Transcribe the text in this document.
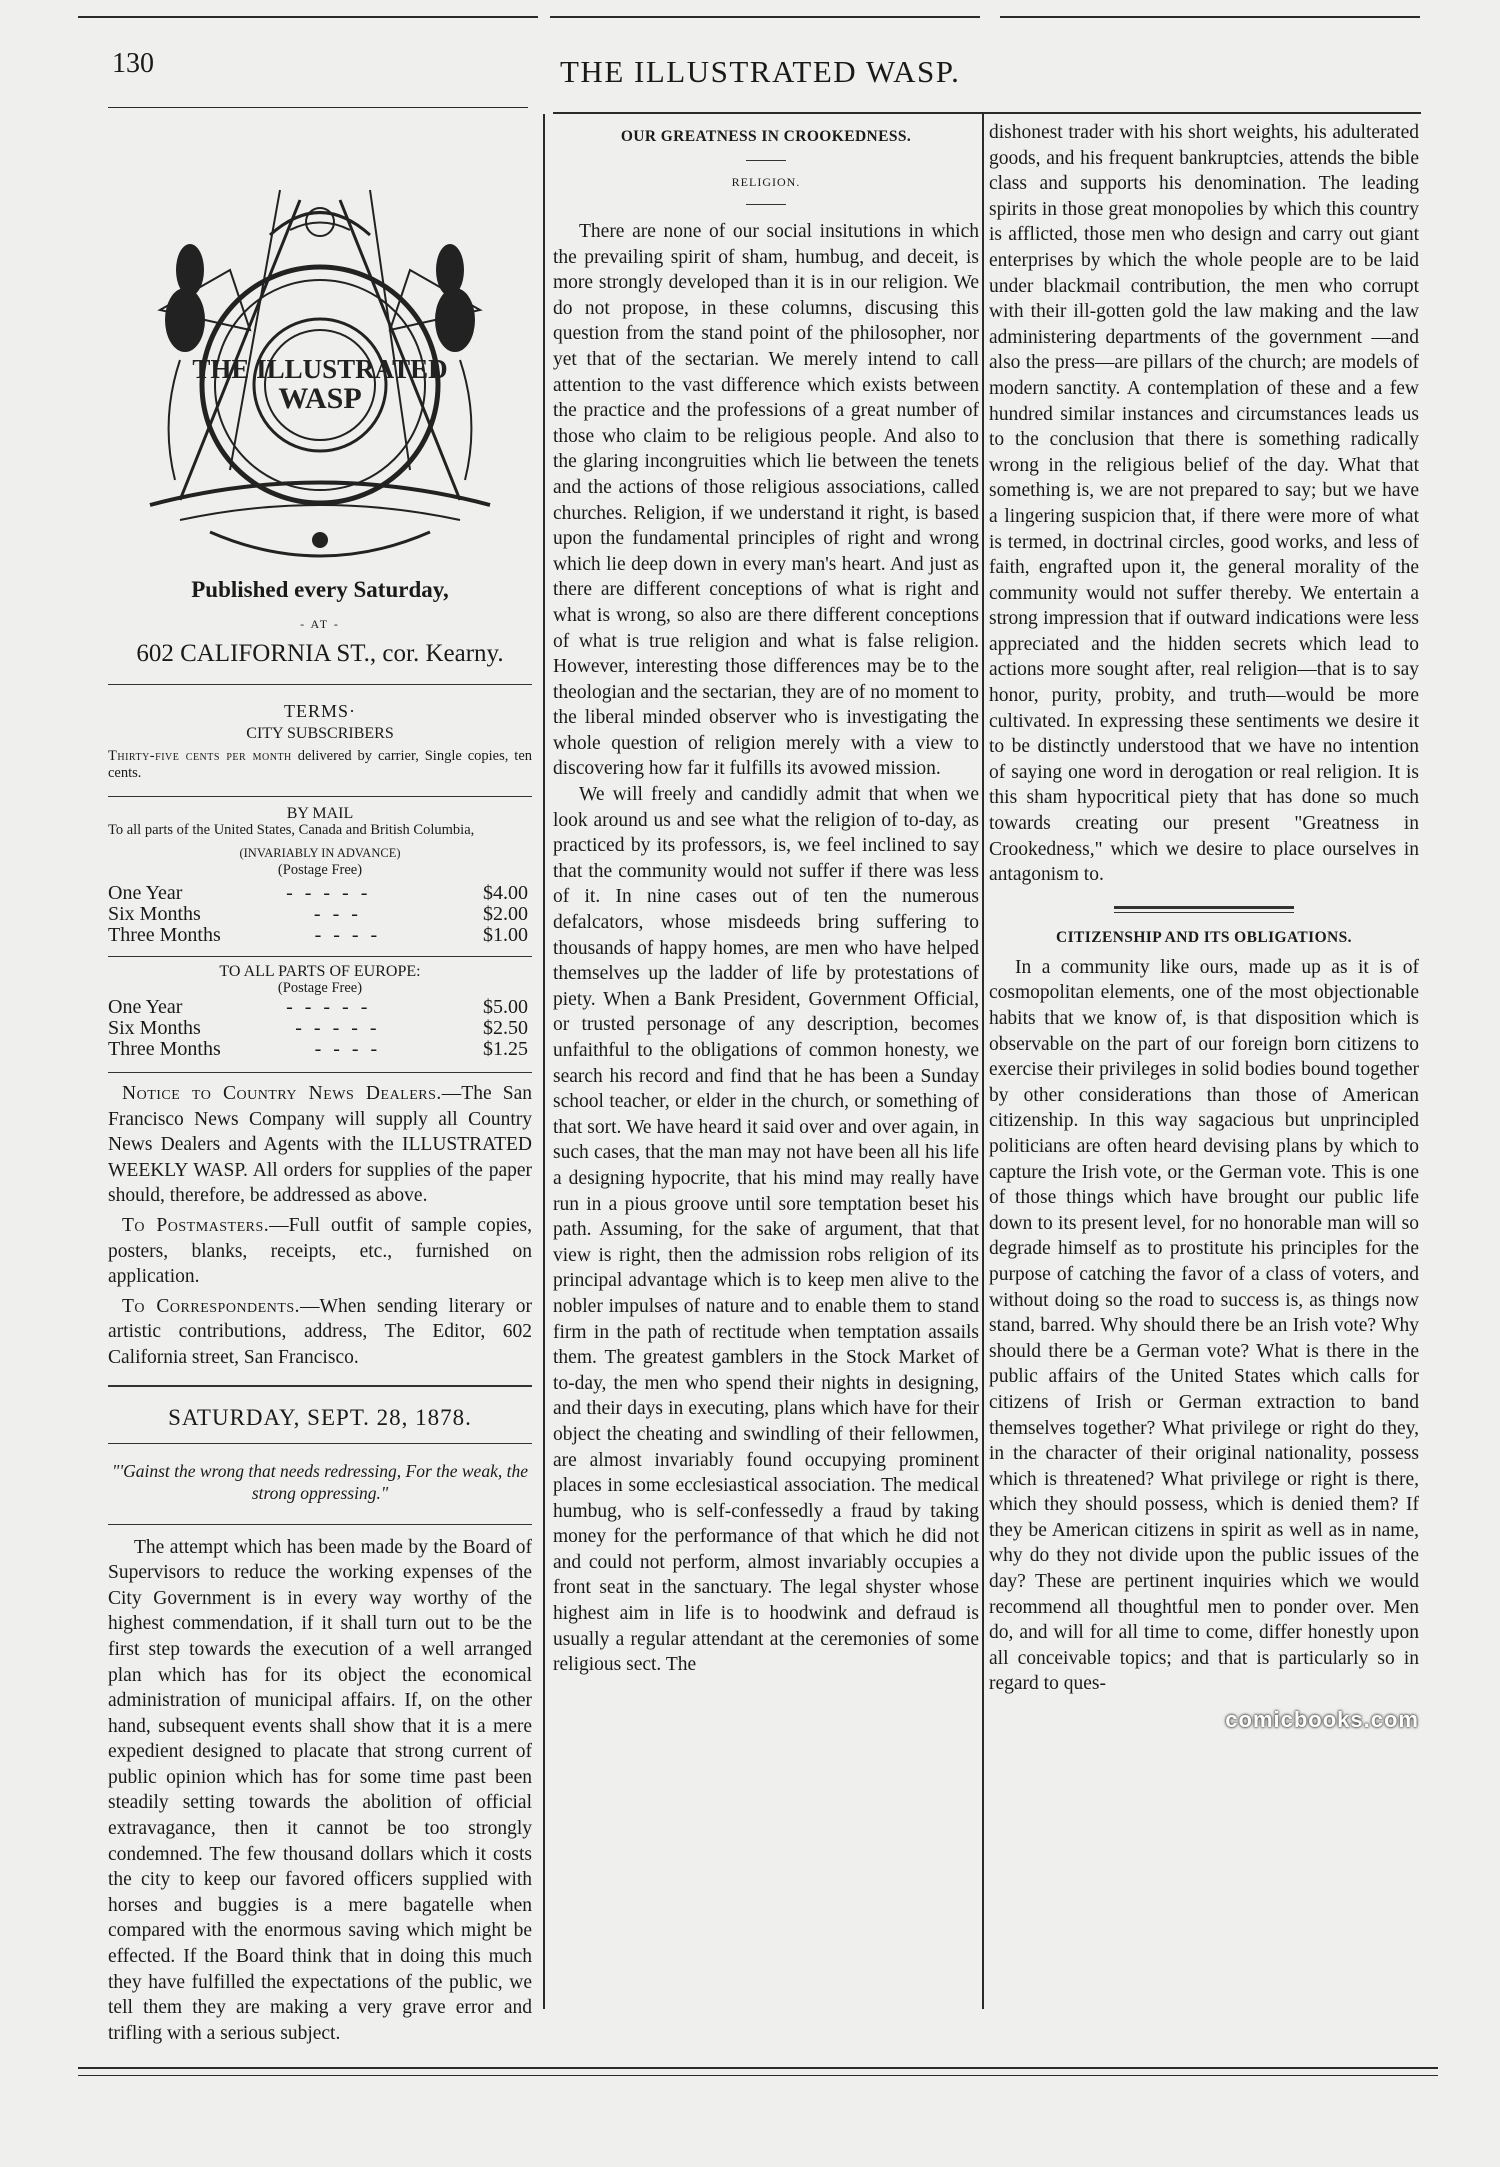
130	THE ILLUSTRATED WASP.
THE ILLUSTRATED
WASP
Published every Saturday,
- AT -
602 CALIFORNIA ST., cor. Kearny.
TERMS·
CITY SUBSCRIBERS
Thirty-five cents per month delivered by carrier, Single copies, ten cents.
BY MAIL
To all parts of the United States, Canada and British Columbia,
(INVARIABLY IN ADVANCE)
(Postage Free)
One Year	-----	$4.00
Six Months	---	$2.00
Three Months	----	$1.00
TO ALL PARTS OF EUROPE:
(Postage Free)
One Year	-----	$5.00
Six Months	-----	$2.50
Three Months	----	$1.25

Notice to Country News Dealers.—The San Francisco News Company will supply all Country News Dealers and Agents with the ILLUSTRATED WEEKLY WASP. All orders for supplies of the paper should, therefore, be addressed as above.

To Postmasters.—Full outfit of sample copies, posters, blanks, receipts, etc., furnished on application.

To Correspondents.—When sending literary or artistic contributions, address, The Editor, 602 California street, San Francisco.

SATURDAY, SEPT. 28, 1878.
"'Gainst the wrong that needs redressing, For the weak, the strong oppressing."

The attempt which has been made by the Board of Supervisors to reduce the working expenses of the City Government is in every way worthy of the highest commendation, if it shall turn out to be the first step towards the execution of a well arranged plan which has for its object the economical administration of municipal affairs. If, on the other hand, subsequent events shall show that it is a mere expedient designed to placate that strong current of public opinion which has for some time past been steadily setting towards the abolition of official extravagance, then it cannot be too strongly condemned. The few thousand dollars which it costs the city to keep our favored officers supplied with horses and buggies is a mere bagatelle when compared with the enormous saving which might be effected. If the Board think that in doing this much they have fulfilled the expectations of the public, we tell them they are making a very grave error and trifling with a serious subject.

OUR GREATNESS IN CROOKEDNESS.
RELIGION.

There are none of our social insitutions in which the prevailing spirit of sham, humbug, and deceit, is more strongly developed than it is in our religion. We do not propose, in these columns, discusing this question from the stand point of the philosopher, nor yet that of the sectarian. We merely intend to call attention to the vast difference which exists between the practice and the professions of a great number of those who claim to be religious people. And also to the glaring incongruities which lie between the tenets and the actions of those religious associations, called churches. Religion, if we understand it right, is based upon the fundamental principles of right and wrong which lie deep down in every man's heart. And just as there are different conceptions of what is right and what is wrong, so also are there different conceptions of what is true religion and what is false religion. However, interesting those differences may be to the theologian and the sectarian, they are of no moment to the liberal minded observer who is investigating the whole question of religion merely with a view to discovering how far it fulfills its avowed mission.

We will freely and candidly admit that when we look around us and see what the religion of to-day, as practiced by its professors, is, we feel inclined to say that the community would not suffer if there was less of it. In nine cases out of ten the numerous defalcators, whose misdeeds bring suffering to thousands of happy homes, are men who have helped themselves up the ladder of life by protestations of piety. When a Bank President, Government Official, or trusted personage of any description, becomes unfaithful to the obligations of common honesty, we search his record and find that he has been a Sunday school teacher, or elder in the church, or something of that sort. We have heard it said over and over again, in such cases, that the man may not have been all his life a designing hypocrite, that his mind may really have run in a pious groove until sore temptation beset his path. Assuming, for the sake of argument, that that view is right, then the admission robs religion of its principal advantage which is to keep men alive to the nobler impulses of nature and to enable them to stand firm in the path of rectitude when temptation assails them. The greatest gamblers in the Stock Market of to-day, the men who spend their nights in designing, and their days in executing, plans which have for their object the cheating and swindling of their fellowmen, are almost invariably found occupying prominent places in some ecclesiastical association. The medical humbug, who is self-confessedly a fraud by taking money for the performance of that which he did not and could not perform, almost invariably occupies a front seat in the sanctuary. The legal shyster whose highest aim in life is to hoodwink and defraud is usually a regular attendant at the ceremonies of some religious sect. The

dishonest trader with his short weights, his adulterated goods, and his frequent bankruptcies, attends the bible class and supports his denomination. The leading spirits in those great monopolies by which this country is afflicted, those men who design and carry out giant enterprises by which the whole people are to be laid under blackmail contribution, the men who corrupt with their ill-gotten gold the law making and the law administering departments of the government —and also the press—are pillars of the church; are models of modern sanctity. A contemplation of these and a few hundred similar instances and circumstances leads us to the conclusion that there is something radically wrong in the religious belief of the day. What that something is, we are not prepared to say; but we have a lingering suspicion that, if there were more of what is termed, in doctrinal circles, good works, and less of faith, engrafted upon it, the general morality of the community would not suffer thereby. We entertain a strong impression that if outward indications were less appreciated and the hidden secrets which lead to actions more sought after, real religion—that is to say honor, purity, probity, and truth—would be more cultivated. In expressing these sentiments we desire it to be distinctly understood that we have no intention of saying one word in derogation or real religion. It is this sham hypocritical piety that has done so much towards creating our present "Greatness in Crookedness," which we desire to place ourselves in antagonism to.

CITIZENSHIP AND ITS OBLIGATIONS.

In a community like ours, made up as it is of cosmopolitan elements, one of the most objectionable habits that we know of, is that disposition which is observable on the part of our foreign born citizens to exercise their privileges in solid bodies bound together by other considerations than those of American citizenship. In this way sagacious but unprincipled politicians are often heard devising plans by which to capture the Irish vote, or the German vote. This is one of those things which have brought our public life down to its present level, for no honorable man will so degrade himself as to prostitute his principles for the purpose of catching the favor of a class of voters, and without doing so the road to success is, as things now stand, barred. Why should there be an Irish vote? Why should there be a German vote? What is there in the public affairs of the United States which calls for citizens of Irish or German extraction to band themselves together? What privilege or right do they, in the character of their original nationality, possess which is threatened? What privilege or right is there, which they should possess, which is denied them? If they be American citizens in spirit as well as in name, why do they not divide upon the public issues of the day? These are pertinent inquiries which we would recommend all thoughtful men to ponder over. Men do, and will for all time to come, differ honestly upon all conceivable topics; and that is particularly so in regard to ques-

comicbooks.com
